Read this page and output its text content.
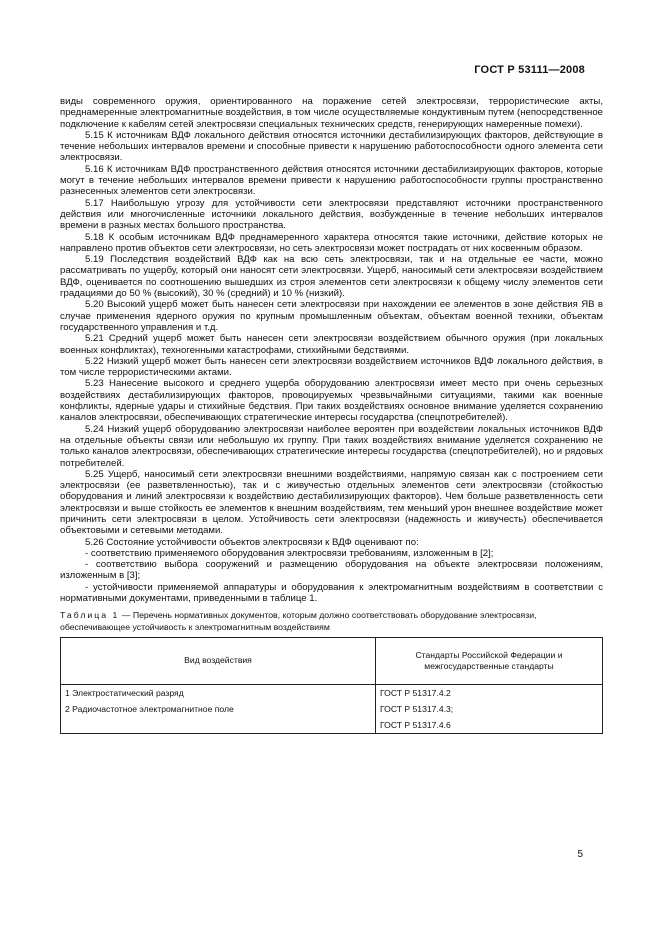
ГОСТ Р 53111—2008

виды современного оружия, ориентированного на поражение сетей электросвязи, террористические акты, преднамеренные электромагнитные воздействия, в том числе осуществляемые кондуктивным путем (непосредственное подключение к кабелям сетей электросвязи специальных технических средств, генерирующих намеренные помехи).

5.15 К источникам ВДФ локального действия относятся источники дестабилизирующих факторов, действующие в течение небольших интервалов времени и способные привести к нарушению работоспособности одного элемента сети электросвязи.

5.16 К источникам ВДФ пространственного действия относятся источники дестабилизирующих факторов, которые могут в течение небольших интервалов времени привести к нарушению работоспособности группы пространственно разнесенных элементов сети электросвязи.

5.17 Наибольшую угрозу для устойчивости сети электросвязи представляют источники пространственного действия или многочисленные источники локального действия, возбужденные в течение небольших интервалов времени в разных местах большого пространства.

5.18 К особым источникам ВДФ преднамеренного характера относятся такие источники, действие которых не направлено против объектов сети электросвязи, но сеть электросвязи может пострадать от них косвенным образом.

5.19 Последствия воздействий ВДФ как на всю сеть электросвязи, так и на отдельные ее части, можно рассматривать по ущербу, который они наносят сети электросвязи. Ущерб, наносимый сети электросвязи воздействием ВДФ, оценивается по соотношению вышедших из строя элементов сети электросвязи к общему числу элементов сети градациями до 50 % (высокий), 30 % (средний) и 10 % (низкий).

5.20 Высокий ущерб может быть нанесен сети электросвязи при нахождении ее элементов в зоне действия ЯВ в случае применения ядерного оружия по крупным промышленным объектам, объектам военной техники, объектам государственного управления и т.д.

5.21 Средний ущерб может быть нанесен сети электросвязи воздействием обычного оружия (при локальных военных конфликтах), техногенными катастрофами, стихийными бедствиями.

5.22 Низкий ущерб может быть нанесен сети электросвязи воздействием источников ВДФ локального действия, в том числе террористическими актами.

5.23 Нанесение высокого и среднего ущерба оборудованию электросвязи имеет место при очень серьезных воздействиях дестабилизирующих факторов, провоцируемых чрезвычайными ситуациями, такими как военные конфликты, ядерные удары и стихийные бедствия. При таких воздействиях основное внимание уделяется сохранению каналов электросвязи, обеспечивающих стратегические интересы государства (спецпотребителей).

5.24 Низкий ущерб оборудованию электросвязи наиболее вероятен при воздействии локальных источников ВДФ на отдельные объекты связи или небольшую их группу. При таких воздействиях внимание уделяется сохранению не только каналов электросвязи, обеспечивающих стратегические интересы государства (спецпотребителей), но и рядовых потребителей.

5.25 Ущерб, наносимый сети электросвязи внешними воздействиями, напрямую связан как с построением сети электросвязи (ее разветвленностью), так и с живучестью отдельных элементов сети электросвязи (стойкостью оборудования и линий электросвязи к воздействию дестабилизирующих факторов). Чем больше разветвленность сети электросвязи и выше стойкость ее элементов к внешним воздействиям, тем меньший урон внешнее воздействие может причинить сети электросвязи в целом. Устойчивость сети электросвязи (надежность и живучесть) обеспечивается объектовыми и сетевыми методами.

5.26 Состояние устойчивости объектов электросвязи к ВДФ оценивают по:

- соответствию применяемого оборудования электросвязи требованиям, изложенным в [2];

- соответствию выбора сооружений и размещению оборудования на объекте электросвязи положениям, изложенным в [3];

- устойчивости применяемой аппаратуры и оборудования к электромагнитным воздействиям в соответствии с нормативными документами, приведенными в таблице 1.

Таблица 1 — Перечень нормативных документов, которым должно соответствовать оборудование электросвязи, обеспечивающее устойчивость к электромагнитным воздействиям
Вид воздействия	Стандарты Российской Федерации и межгосударственные стандарты
1 Электростатический разряд	ГОСТ Р 51317.4.2
2 Радиочастотное электромагнитное поле	ГОСТ Р 51317.4.3;
	ГОСТ Р 51317.4.6
5
